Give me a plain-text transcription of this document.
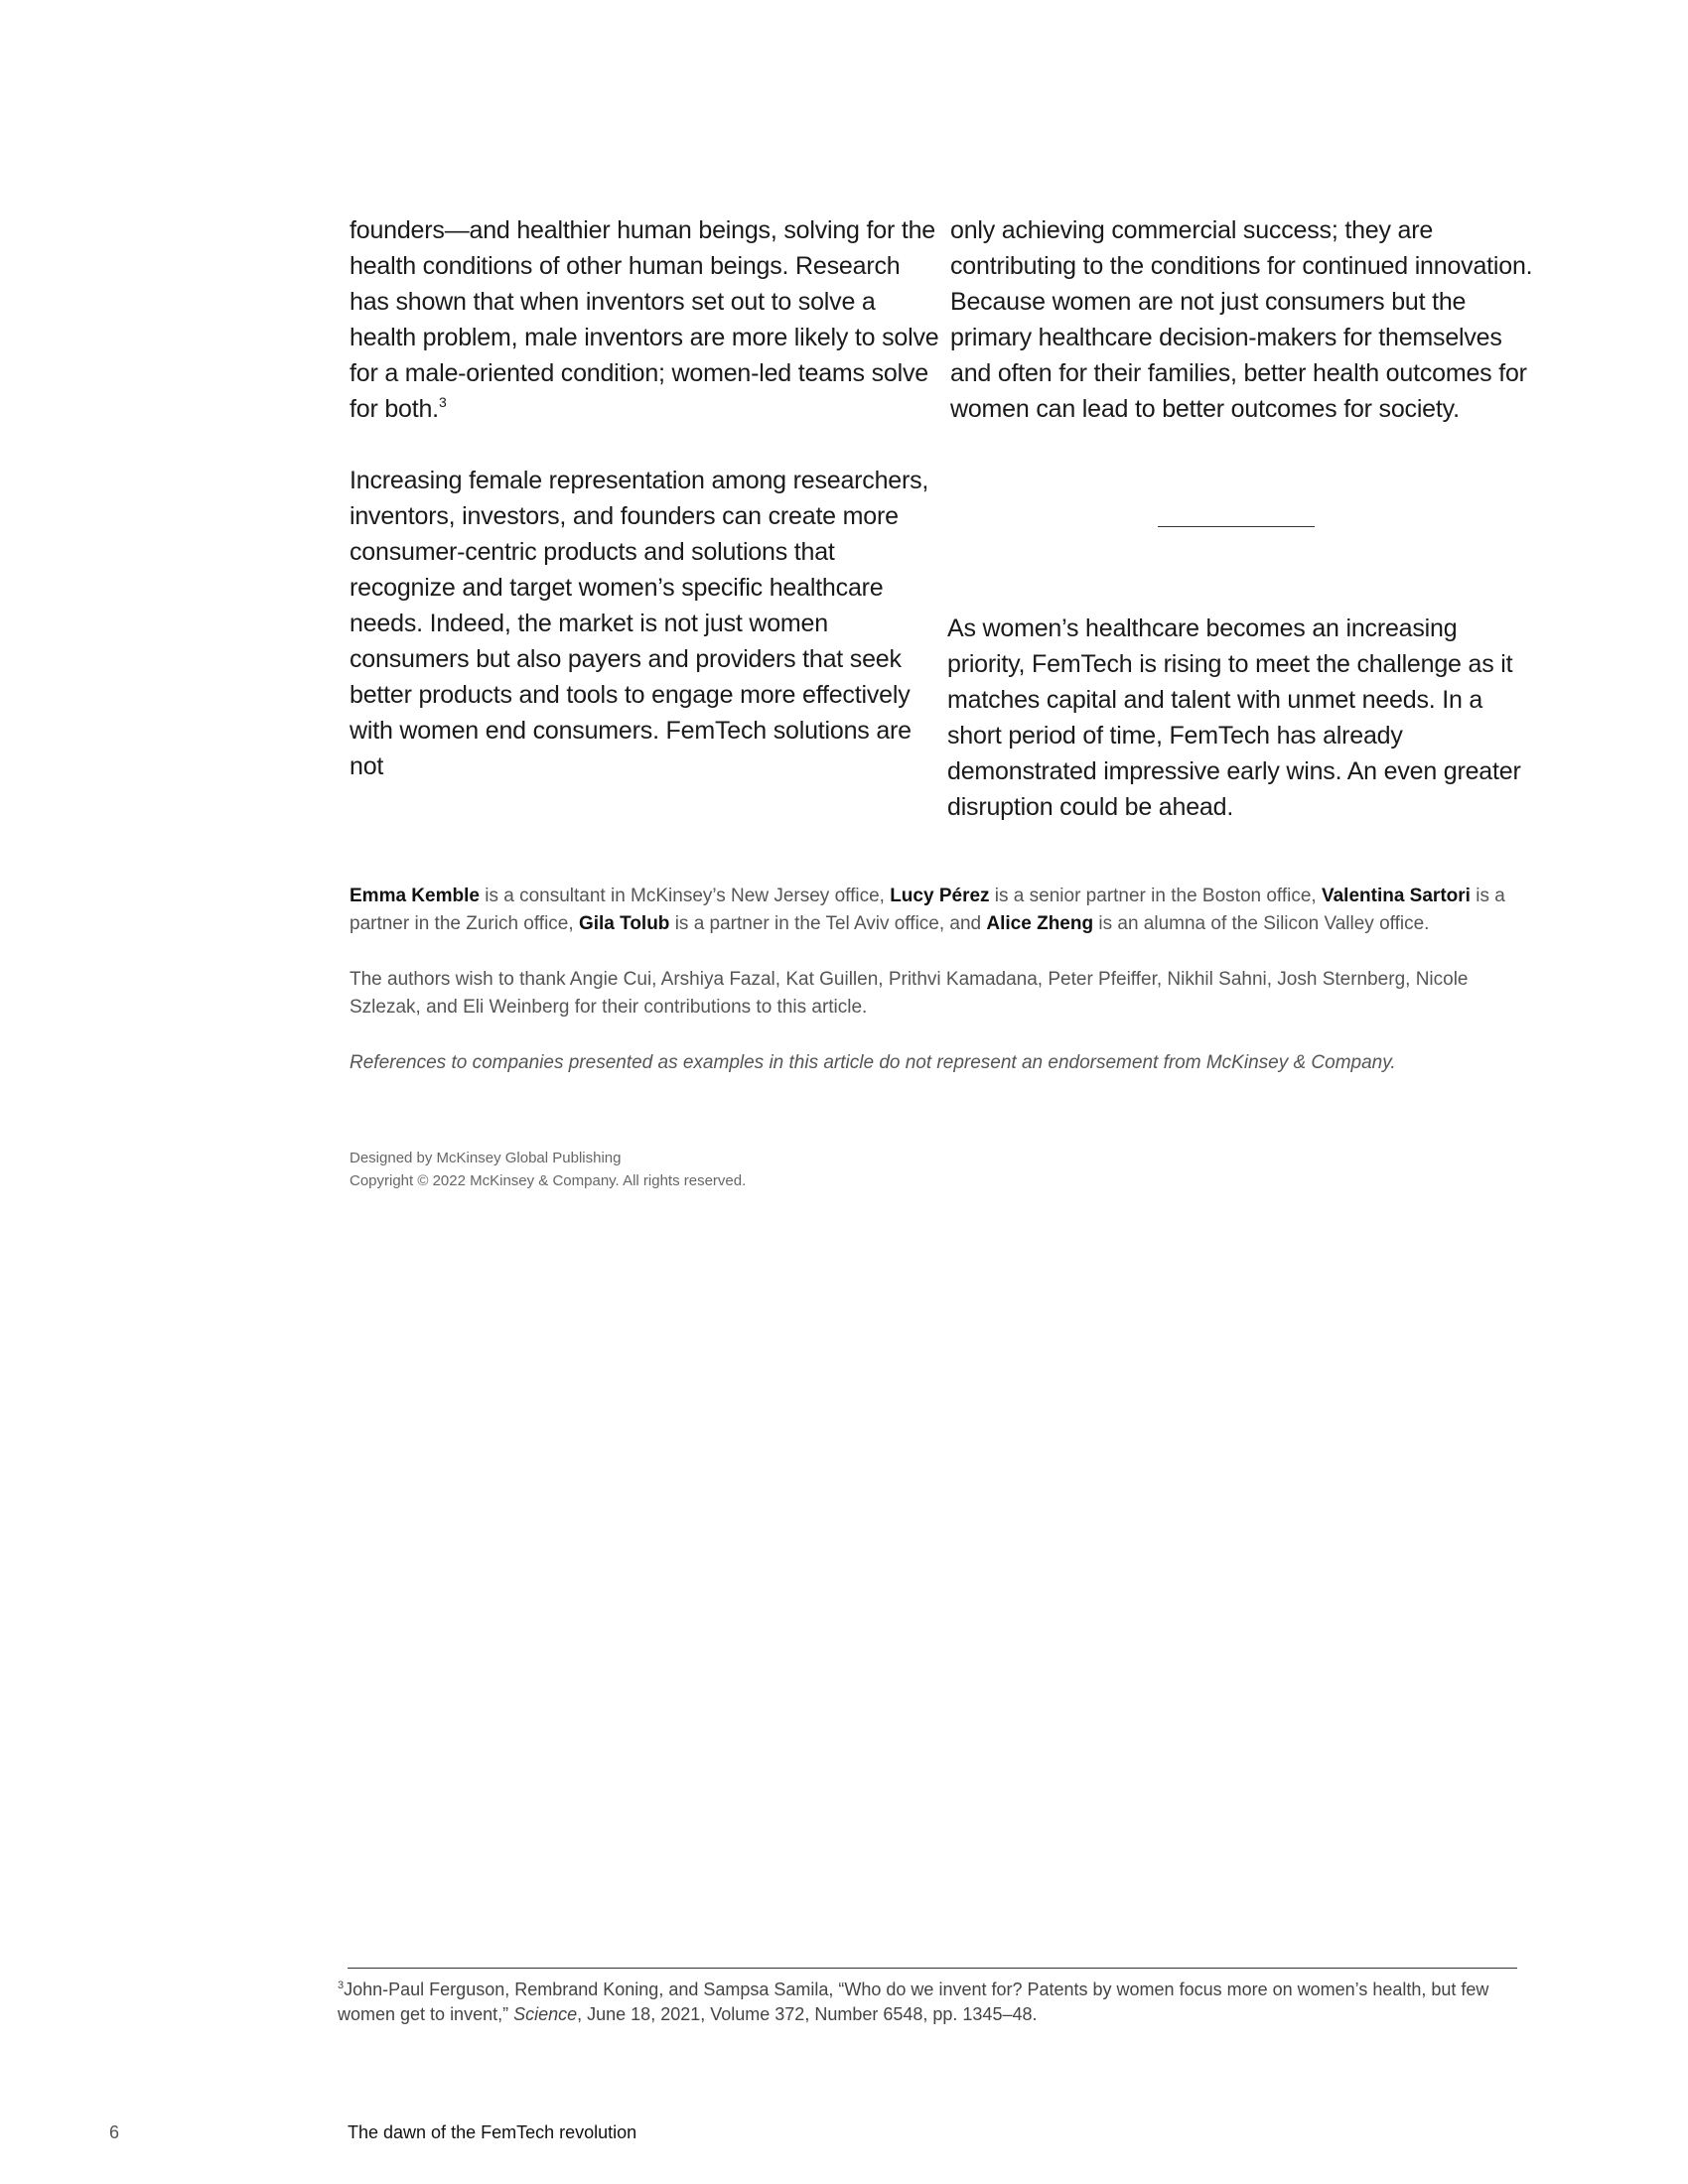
founders—and healthier human beings, solving for the health conditions of other human beings. Research has shown that when inventors set out to solve a health problem, male inventors are more likely to solve for a male-oriented condition; women-led teams solve for both.$^3$

Increasing female representation among researchers, inventors, investors, and founders can create more consumer-centric products and solutions that recognize and target women’s specific healthcare needs. Indeed, the market is not just women consumers but also payers and providers that seek better products and tools to engage more effectively with women end consumers. FemTech solutions are not

only achieving commercial success; they are contributing to the conditions for continued innovation. Because women are not just consumers but the primary healthcare decision-makers for themselves and often for their families, better health outcomes for women can lead to better outcomes for society.

As women’s healthcare becomes an increasing priority, FemTech is rising to meet the challenge as it matches capital and talent with unmet needs. In a short period of time, FemTech has already demonstrated impressive early wins. An even greater disruption could be ahead.

Emma Kemble is a consultant in McKinsey’s New Jersey office, Lucy Pérez is a senior partner in the Boston office, Valentina Sartori is a partner in the Zurich office, Gila Tolub is a partner in the Tel Aviv office, and Alice Zheng is an alumna of the Silicon Valley office.

The authors wish to thank Angie Cui, Arshiya Fazal, Kat Guillen, Prithvi Kamadana, Peter Pfeiffer, Nikhil Sahni, Josh Sternberg, Nicole Szlezak, and Eli Weinberg for their contributions to this article.

References to companies presented as examples in this article do not represent an endorsement from McKinsey & Company.

Designed by McKinsey Global Publishing
Copyright © 2022 McKinsey & Company. All rights reserved.
$^3$John-Paul Ferguson, Rembrand Koning, and Sampsa Samila, “Who do we invent for? Patents by women focus more on women’s health, but few women get to invent,” Science, June 18, 2021, Volume 372, Number 6548, pp. 1345–48.
6	The dawn of the FemTech revolution
